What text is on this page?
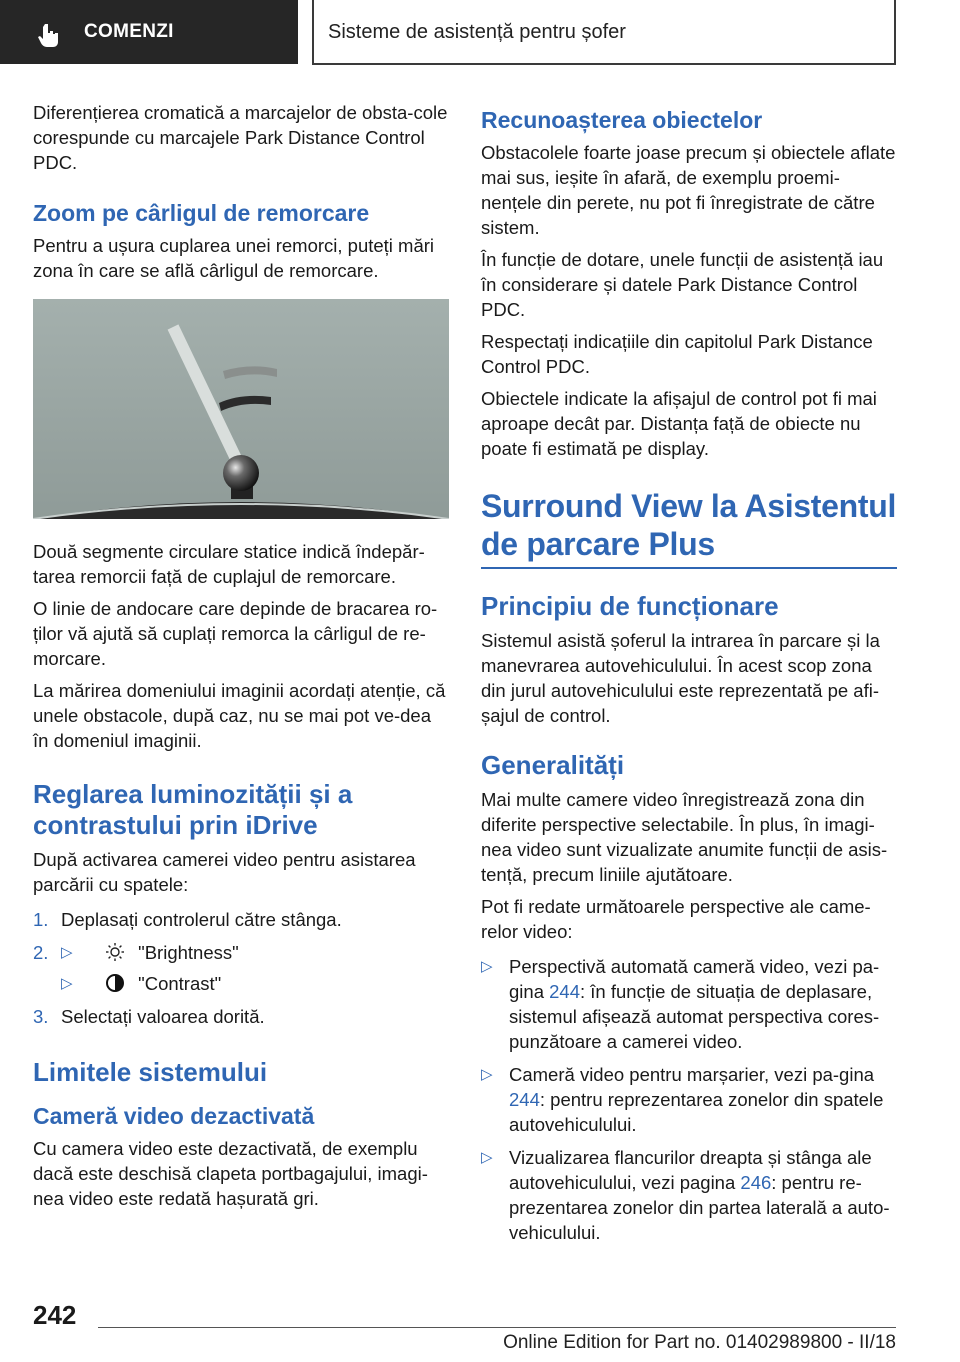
COMENZI	Sisteme de asistență pentru șofer

Diferențierea cromatică a marcajelor de obsta-cole corespunde cu marcajele Park Distance Control PDC.

Zoom pe cârligul de remorcare

Pentru a ușura cuplarea unei remorci, puteți mări zona în care se află cârligul de remorcare.

Două segmente circulare statice indică îndepăr-tarea remorcii față de cuplajul de remorcare.

O linie de andocare care depinde de bracarea ro-ților vă ajută să cuplați remorca la cârligul de re-morcare.

La mărirea domeniului imaginii acordați atenție, că unele obstacole, după caz, nu se mai pot ve-dea în domeniul imaginii.

Reglarea luminozității și a contrastului prin iDrive

După activarea camerei video pentru asistarea parcării cu spatele:

1. Deplasați controlerul către stânga.
2. ▷	"Brightness"
▷	"Contrast"
3. Selectați valoarea dorită.
Limitele sistemului
Cameră video dezactivată

Cu camera video este dezactivată, de exemplu dacă este deschisă clapeta portbagajului, imagi-nea video este redată hașurată gri.

Recunoașterea obiectelor

Obstacolele foarte joase precum și obiectele aflate mai sus, ieșite în afară, de exemplu proemi-nențele din perete, nu pot fi înregistrate de către sistem.

În funcție de dotare, unele funcții de asistență iau în considerare și datele Park Distance Control PDC.

Respectați indicațiile din capitolul Park Distance Control PDC.

Obiectele indicate la afișajul de control pot fi mai aproape decât par. Distanța față de obiecte nu poate fi estimată pe display.

Surround View la Asistentul de parcare Plus
Principiu de funcționare

Sistemul asistă șoferul la intrarea în parcare și la manevrarea autovehiculului. În acest scop zona din jurul autovehiculului este reprezentată pe afi-șajul de control.

Generalități

Mai multe camere video înregistrează zona din diferite perspective selectabile. În plus, în imagi-nea video sunt vizualizate anumite funcții de asis-tență, precum liniile ajutătoare.

Pot fi redate următoarele perspective ale came-relor video:

▷ Perspectivă automată cameră video, vezi pa-gina 244: în funcție de situația de deplasare, sistemul afișează automat perspectiva cores-punzătoare a camerei video.
▷ Cameră video pentru marșarier, vezi pa-gina 244: pentru reprezentarea zonelor din spatele autovehiculului.
▷ Vizualizarea flancurilor dreapta și stânga ale autovehiculului, vezi pagina 246: pentru re-prezentarea zonelor din partea laterală a auto-vehiculului.
242
Online Edition for Part no. 01402989800 - II/18
